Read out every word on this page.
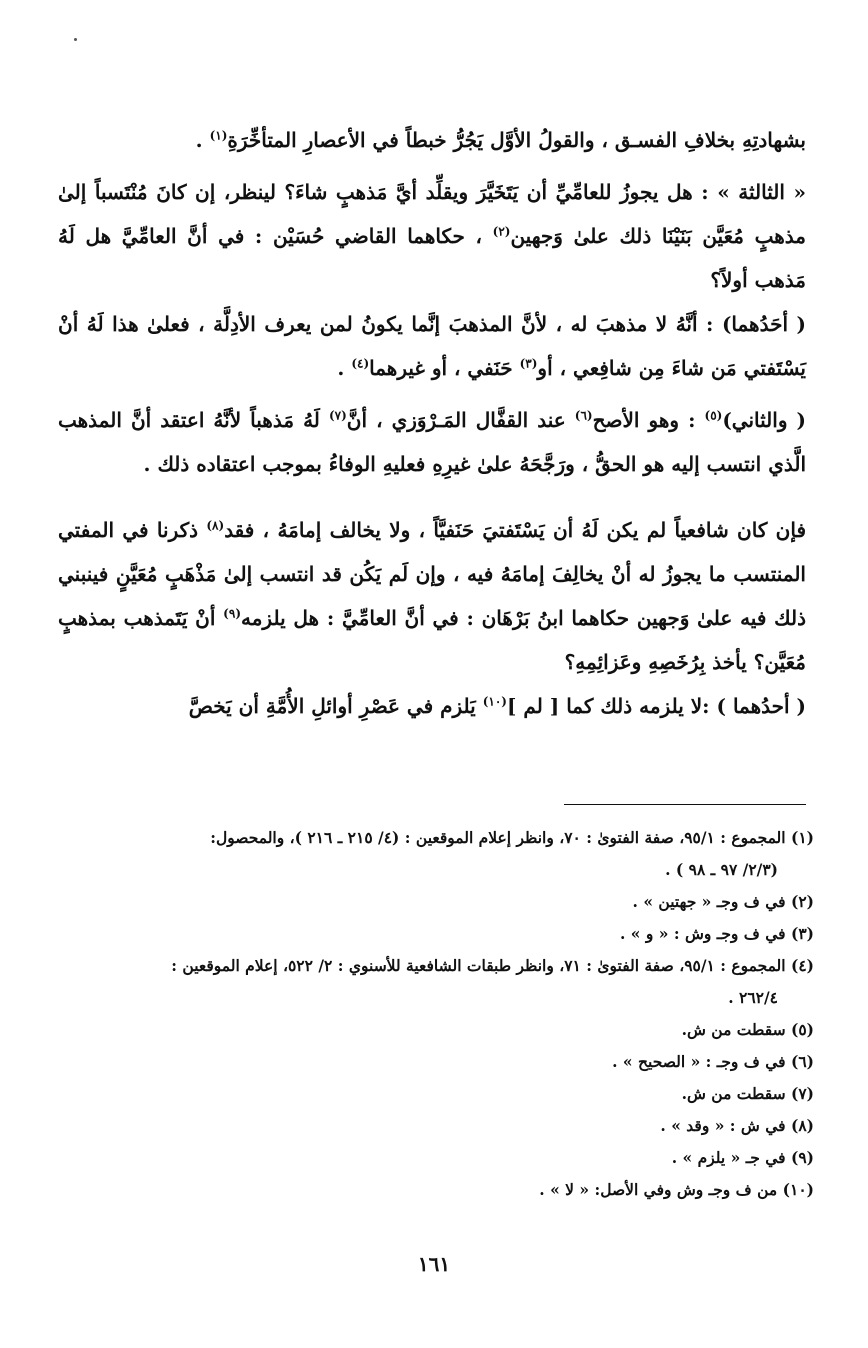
بشهادتِهِ بخلافِ الفسـق ، والقولُ الأوَّل يَجُرُّ خبطاً في الأعصارِ المتأخِّرَةِ$^{(١)}$ .

« الثالثة » : هل يجوزُ للعامِّيِّ أن يَتَخَيَّرَ ويقلِّد أيَّ مَذهبٍ شاءَ؟ لينظر، إن كانَ مُنْتَسباً إلىٰ مذهبٍ مُعَيَّن بَنَيْنَا ذلك علىٰ وَجهين$^{(٢)}$ ، حكاهما القاضي حُسَيْن : في أنَّ العامِّيَّ هل لَهُ مَذهب أولاً؟

( أحَدُهما) : أنَّهُ لا مذهبَ له ، لأنَّ المذهبَ إنَّما يكونُ لمن يعرف الأدِلَّة ، فعلىٰ هذا لَهُ أنْ يَسْتَفتي مَن شاءَ مِن شافِعي ، أو$^{(٣)}$ حَنَفي ، أو غيرهما$^{(٤)}$ .

( والثاني)$^{(٥)}$ : وهو الأصح$^{(٦)}$ عند القفَّال المَـرْوَزي ، أنَّ$^{(٧)}$ لَهُ مَذهباً لأنَّهُ اعتقد أنَّ المذهب الَّذي انتسب إليه هو الحقُّ ، ورَجَّحَهُ علىٰ غيرِهِ فعليهِ الوفاءُ بموجب اعتقاده ذلك .

فإن كان شافعياً لم يكن لَهُ أن يَسْتَفتيَ حَنَفيَّاً ، ولا يخالف إمامَهُ ، فقد$^{(٨)}$ ذكرنا في المفتي المنتسب ما يجوزُ له أنْ يخالِفَ إمامَهُ فيه ، وإن لَم يَكُن قد انتسب إلىٰ مَذْهَبٍ مُعَيَّنٍ فينبني ذلك فيه علىٰ وَجهين حكاهما ابنُ بَرْهَان : في أنَّ العامِّيَّ : هل يلزمه$^{(٩)}$ أنْ يَتَمذهب بمذهبٍ مُعَيَّن؟ يأخذ بِرُخَصِهِ وعَزائِمِهِ؟

( أحدُهما ) :لا يلزمه ذلك كما [ لم ]$^{(١٠)}$ يَلزم في عَصْرِ أوائلِ الأُمَّةِ أن يَخصَّ

(١) المجموع : ٩٥/١، صفة الفتوىٰ : ٧٠، وانظر إعلام الموقعين : (٤/ ٢١٥ ـ ٢١٦ )، والمحصول:
(٢/٣/ ٩٧ ـ ٩٨ ) .
(٢) في ف وجـ « جهتين » .
(٣) في ف وجـ وش : « و » .
(٤) المجموع : ٩٥/١، صفة الفتوىٰ : ٧١، وانظر طبقات الشافعية للأسنوي : ٢/ ٥٢٢، إعلام الموقعين :
٢٦٢/٤ .
(٥) سقطت من ش.
(٦) في ف وجـ : « الصحيح » .
(٧) سقطت من ش.
(٨) في ش : « وقد » .
(٩) في جـ « يلزم » .
(١٠) من ف وجـ وش وفي الأصل: « لا » .
١٦١
